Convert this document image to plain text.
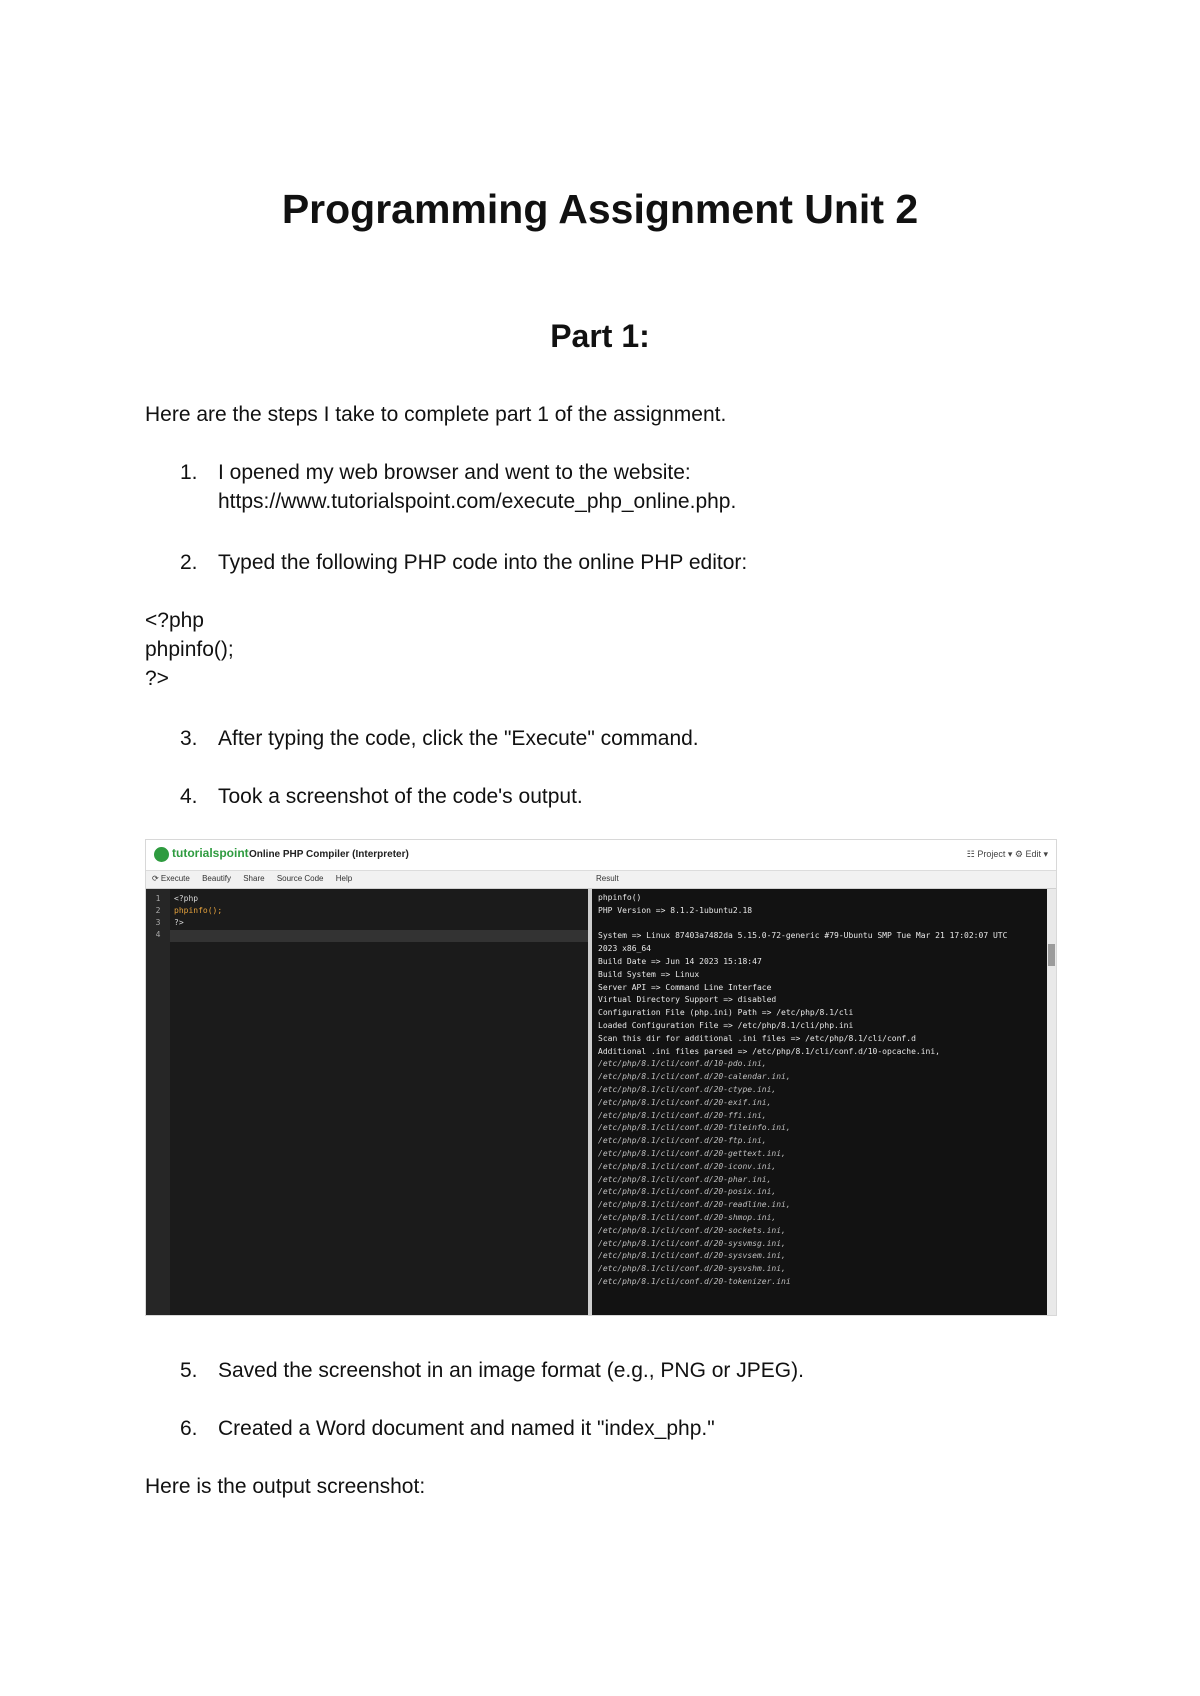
Programming Assignment Unit 2
Part 1:

Here are the steps I take to complete part 1 of the assignment.

1. I opened my web browser and went to the website:
https://www.tutorialspoint.com/execute_php_online.php.
2. Typed the following PHP code into the online PHP editor:
<?php
phpinfo();
?>
3. After typing the code, click the "Execute" command.
4. Took a screenshot of the code's output.
tutorialspoint Online PHP Compiler (Interpreter)	☷ Project ▾ ⚙ Edit ▾
⟳ Execute Beautify Share Source Code Help	Result
1
2
3
4
<?php
phpinfo();
?>
phpinfo()
PHP Version => 8.1.2-1ubuntu2.18
System => Linux 87403a7482da 5.15.0-72-generic #79-Ubuntu SMP Tue Mar 21 17:02:07 UTC
2023 x86_64
Build Date => Jun 14 2023 15:18:47
Build System => Linux
Server API => Command Line Interface
Virtual Directory Support => disabled
Configuration File (php.ini) Path => /etc/php/8.1/cli
Loaded Configuration File => /etc/php/8.1/cli/php.ini
Scan this dir for additional .ini files => /etc/php/8.1/cli/conf.d
Additional .ini files parsed => /etc/php/8.1/cli/conf.d/10-opcache.ini,
/etc/php/8.1/cli/conf.d/10-pdo.ini,
/etc/php/8.1/cli/conf.d/20-calendar.ini,
/etc/php/8.1/cli/conf.d/20-ctype.ini,
/etc/php/8.1/cli/conf.d/20-exif.ini,
/etc/php/8.1/cli/conf.d/20-ffi.ini,
/etc/php/8.1/cli/conf.d/20-fileinfo.ini,
/etc/php/8.1/cli/conf.d/20-ftp.ini,
/etc/php/8.1/cli/conf.d/20-gettext.ini,
/etc/php/8.1/cli/conf.d/20-iconv.ini,
/etc/php/8.1/cli/conf.d/20-phar.ini,
/etc/php/8.1/cli/conf.d/20-posix.ini,
/etc/php/8.1/cli/conf.d/20-readline.ini,
/etc/php/8.1/cli/conf.d/20-shmop.ini,
/etc/php/8.1/cli/conf.d/20-sockets.ini,
/etc/php/8.1/cli/conf.d/20-sysvmsg.ini,
/etc/php/8.1/cli/conf.d/20-sysvsem.ini,
/etc/php/8.1/cli/conf.d/20-sysvshm.ini,
/etc/php/8.1/cli/conf.d/20-tokenizer.ini
5. Saved the screenshot in an image format (e.g., PNG or JPEG).
6. Created a Word document and named it "index_php."

Here is the output screenshot:
